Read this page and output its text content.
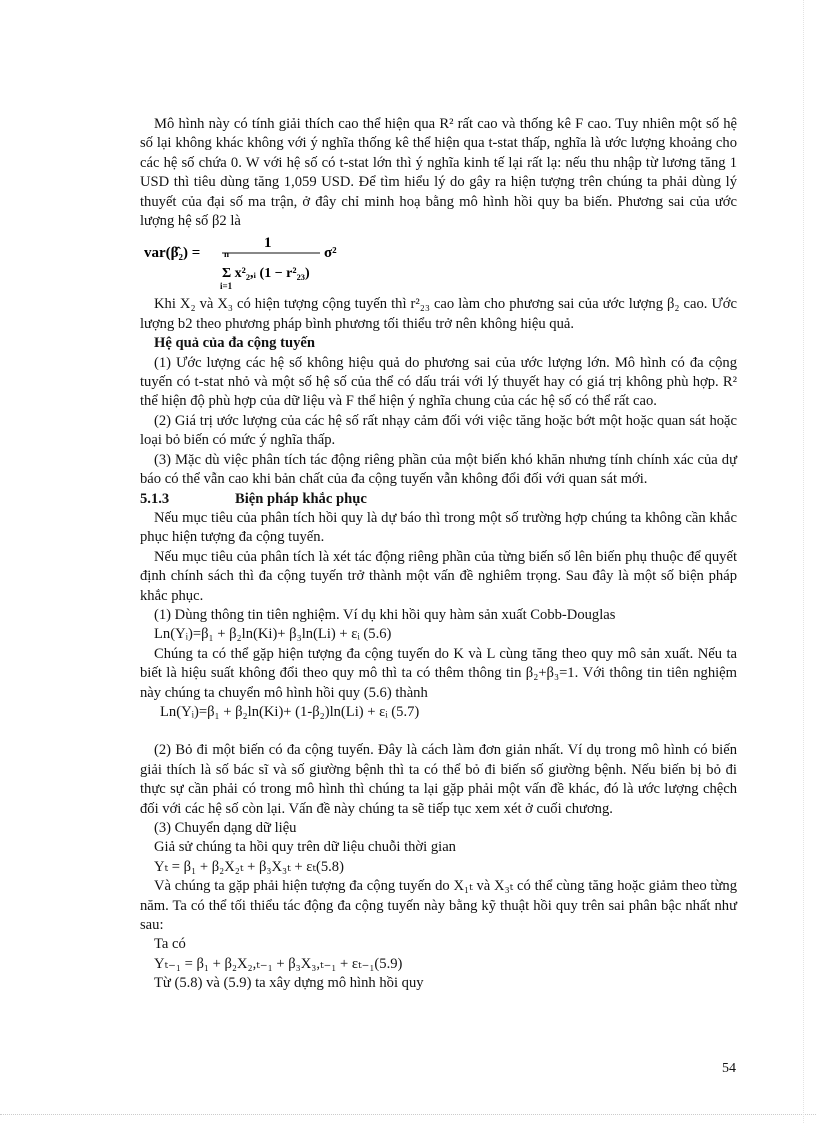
Mô hình này có tính giải thích cao thể hiện qua R² rất cao và thống kê F cao. Tuy nhiên một số hệ số lại không khác không với ý nghĩa thống kê thể hiện qua t-stat thấp, nghĩa là ước lượng khoảng cho các hệ số chứa 0. W với hệ số có t-stat lớn thì ý nghĩa kinh tế lại rất lạ: nếu thu nhập từ lương tăng 1 USD thì tiêu dùng tăng 1,059 USD. Để tìm hiểu lý do gây ra hiện tượng trên chúng ta phải dùng lý thuyết của đại số ma trận, ở đây chỉ minh hoạ bằng mô hình hồi quy ba biến. Phương sai của ước lượng hệ số β2 là

var(β̂₂) =
1
n
i=1
Σ x²₂,ᵢ (1 − r²₂₃)
σ²

Khi X₂ và X₃ có hiện tượng cộng tuyến thì r²₂₃ cao làm cho phương sai của ước lượng β₂ cao. Ước lượng b2 theo phương pháp bình phương tối thiểu trở nên không hiệu quả.

Hệ quả của đa cộng tuyến

(1) Ước lượng các hệ số không hiệu quả do phương sai của ước lượng lớn. Mô hình có đa cộng tuyến có t-stat nhỏ và một số hệ số của thể có dấu trái với lý thuyết hay có giá trị không phù hợp. R² thể hiện độ phù hợp của dữ liệu và F thể hiện ý nghĩa chung của các hệ số có thể rất cao.

(2) Giá trị ước lượng của các hệ số rất nhạy cảm đối với việc tăng hoặc bớt một hoặc quan sát hoặc loại bỏ biến có mức ý nghĩa thấp.

(3) Mặc dù việc phân tích tác động riêng phần của một biến khó khăn nhưng tính chính xác của dự báo có thể vẫn cao khi bản chất của đa cộng tuyến vẫn không đổi đối với quan sát mới.

5.1.3	Biện pháp khắc phục

Nếu mục tiêu của phân tích hồi quy là dự báo thì trong một số trường hợp chúng ta không cần khắc phục hiện tượng đa cộng tuyến.

Nếu mục tiêu của phân tích là xét tác động riêng phần của từng biến số lên biến phụ thuộc để quyết định chính sách thì đa cộng tuyến trở thành một vấn đề nghiêm trọng. Sau đây là một số biện pháp khắc phục.

(1) Dùng thông tin tiên nghiệm. Ví dụ khi hồi quy hàm sản xuất Cobb-Douglas

Ln(Yᵢ)=β₁ + β₂ln(Ki)+ β₃ln(Li) + εᵢ (5.6)

Chúng ta có thể gặp hiện tượng đa cộng tuyến do K và L cùng tăng theo quy mô sản xuất. Nếu ta biết là hiệu suất không đổi theo quy mô thì ta có thêm thông tin β₂+β₃=1. Với thông tin tiên nghiệm này chúng ta chuyển mô hình hồi quy (5.6) thành

Ln(Yᵢ)=β₁ + β₂ln(Ki)+ (1-β₂)ln(Li) + εᵢ (5.7)

(2) Bỏ đi một biến có đa cộng tuyến. Đây là cách làm đơn giản nhất. Ví dụ trong mô hình có biến giải thích là số bác sĩ và số giường bệnh thì ta có thể bỏ đi biến số giường bệnh. Nếu biến bị bỏ đi thực sự cần phải có trong mô hình thì chúng ta lại gặp phải một vấn đề khác, đó là ước lượng chệch đối với các hệ số còn lại. Vấn đề này chúng ta sẽ tiếp tục xem xét ở cuối chương.

(3) Chuyển dạng dữ liệu

Giả sử chúng ta hồi quy trên dữ liệu chuỗi thời gian

Yₜ = β₁ + β₂X₂ₜ + β₃X₃ₜ + εₜ(5.8)

Và chúng ta gặp phải hiện tượng đa cộng tuyến do X₁ₜ và X₃ₜ có thể cùng tăng hoặc giảm theo từng năm. Ta có thể tối thiểu tác động đa cộng tuyến này bằng kỹ thuật hồi quy trên sai phân bậc nhất như sau:

Ta có

Yₜ₋₁ = β₁ + β₂X₂,ₜ₋₁ + β₃X₃,ₜ₋₁ + εₜ₋₁(5.9)

Từ (5.8) và (5.9) ta xây dựng mô hình hồi quy

54
